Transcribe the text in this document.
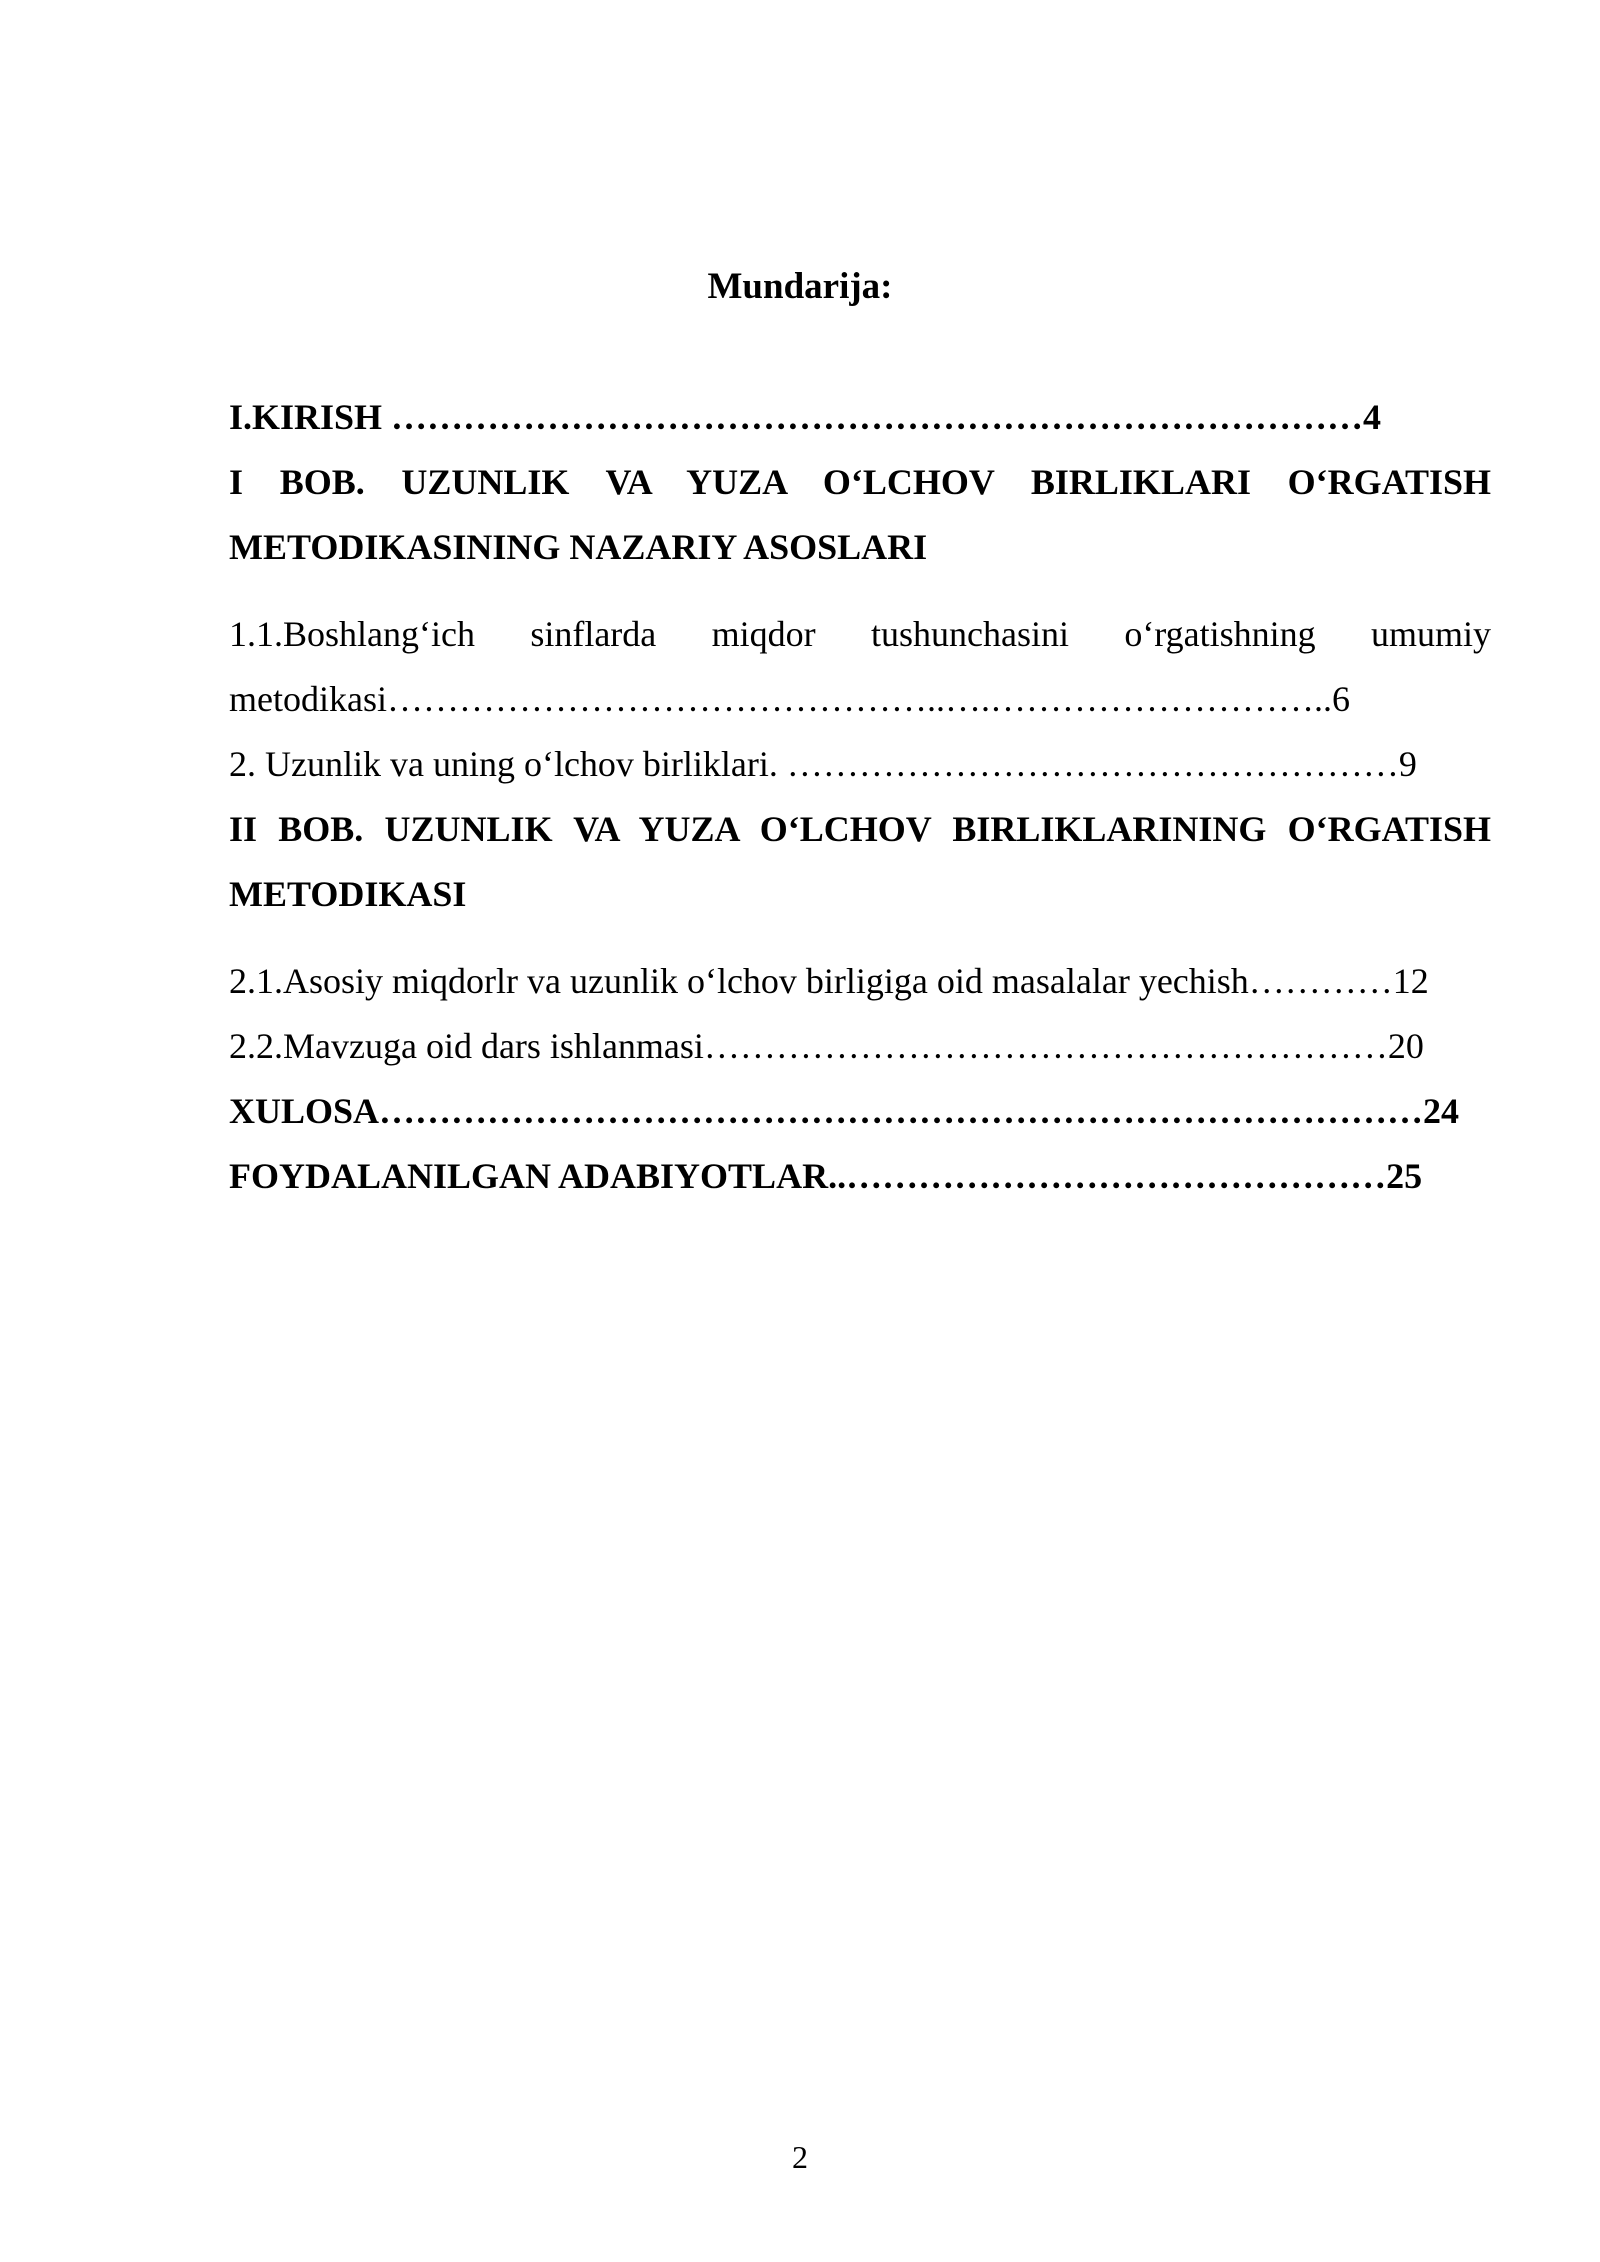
Mundarija:
I.KIRISH ………………………………………………………………………4
I BOB. UZUNLIK VA YUZA O‘LCHOV BIRLIKLARI O‘RGATISH
METODIKASINING NAZARIY ASOSLARI
1.1.Boshlang‘ich sinflarda miqdor tushunchasini o‘rgatishning umumiy
metodikasi………………………………………..….………………………..6
2. Uzunlik va uning o‘lchov birliklari. ……………………………………………9
II BOB. UZUNLIK VA YUZA O‘LCHOV BIRLIKLARINING O‘RGATISH
METODIKASI
2.1.Asosiy miqdorlr va uzunlik o‘lchov birligiga oid masalalar yechish…………12
2.2.Mavzuga oid dars ishlanmasi…………………………………………………20
XULOSA……………………………………………………………………………24
FOYDALANILGAN ADABIYOTLAR..………………………………………25
2
